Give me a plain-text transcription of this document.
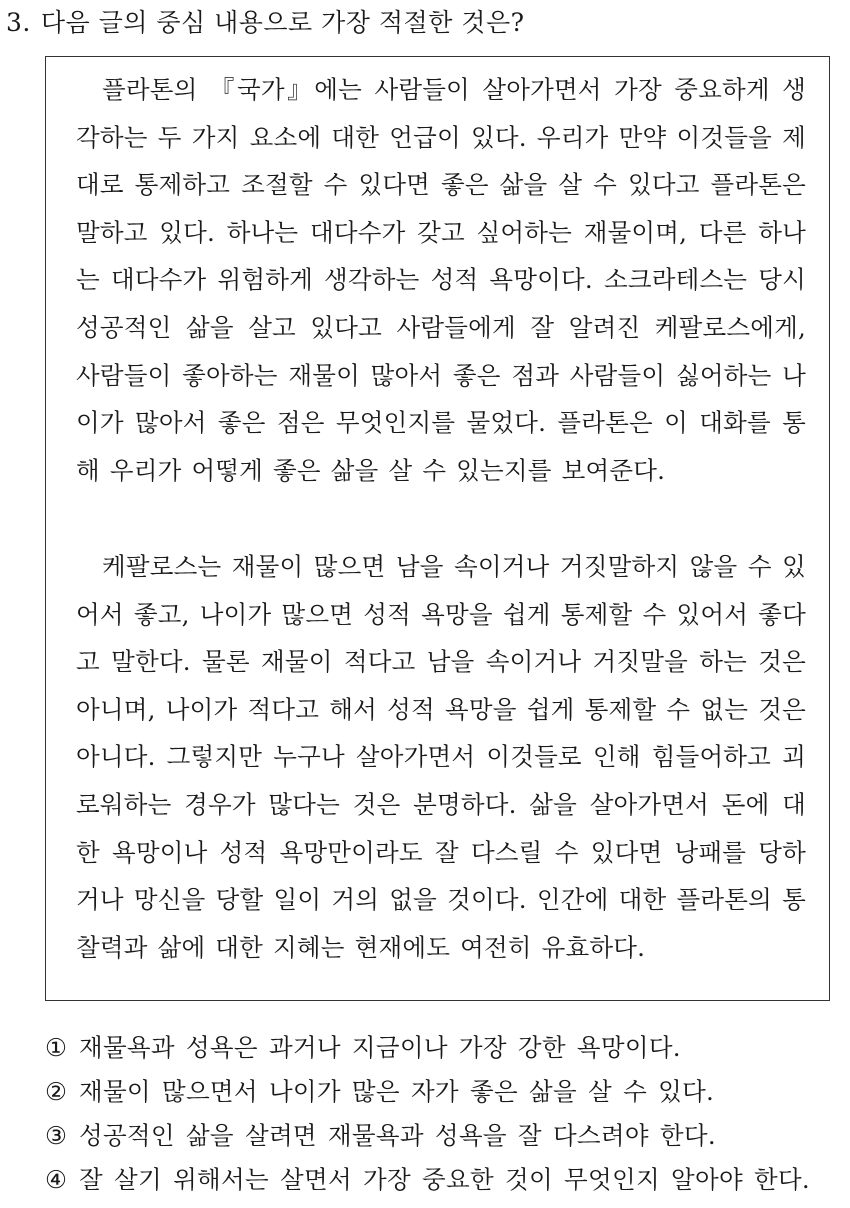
3. 다음 글의 중심 내용으로 가장 적절한 것은?

플라톤의 『국가』에는 사람들이 살아가면서 가장 중요하게 생각하는 두 가지 요소에 대한 언급이 있다. 우리가 만약 이것들을 제대로 통제하고 조절할 수 있다면 좋은 삶을 살 수 있다고 플라톤은 말하고 있다. 하나는 대다수가 갖고 싶어하는 재물이며, 다른 하나는 대다수가 위험하게 생각하는 성적 욕망이다. 소크라테스는 당시 성공적인 삶을 살고 있다고 사람들에게 잘 알려진 케팔로스에게, 사람들이 좋아하는 재물이 많아서 좋은 점과 사람들이 싫어하는 나이가 많아서 좋은 점은 무엇인지를 물었다. 플라톤은 이 대화를 통해 우리가 어떻게 좋은 삶을 살 수 있는지를 보여준다.

케팔로스는 재물이 많으면 남을 속이거나 거짓말하지 않을 수 있어서 좋고, 나이가 많으면 성적 욕망을 쉽게 통제할 수 있어서 좋다고 말한다. 물론 재물이 적다고 남을 속이거나 거짓말을 하는 것은 아니며, 나이가 적다고 해서 성적 욕망을 쉽게 통제할 수 없는 것은 아니다. 그렇지만 누구나 살아가면서 이것들로 인해 힘들어하고 괴로워하는 경우가 많다는 것은 분명하다. 삶을 살아가면서 돈에 대한 욕망이나 성적 욕망만이라도 잘 다스릴 수 있다면 낭패를 당하거나 망신을 당할 일이 거의 없을 것이다. 인간에 대한 플라톤의 통찰력과 삶에 대한 지혜는 현재에도 여전히 유효하다.

① 재물욕과 성욕은 과거나 지금이나 가장 강한 욕망이다.
② 재물이 많으면서 나이가 많은 자가 좋은 삶을 살 수 있다.
③ 성공적인 삶을 살려면 재물욕과 성욕을 잘 다스려야 한다.
④ 잘 살기 위해서는 살면서 가장 중요한 것이 무엇인지 알아야 한다.
